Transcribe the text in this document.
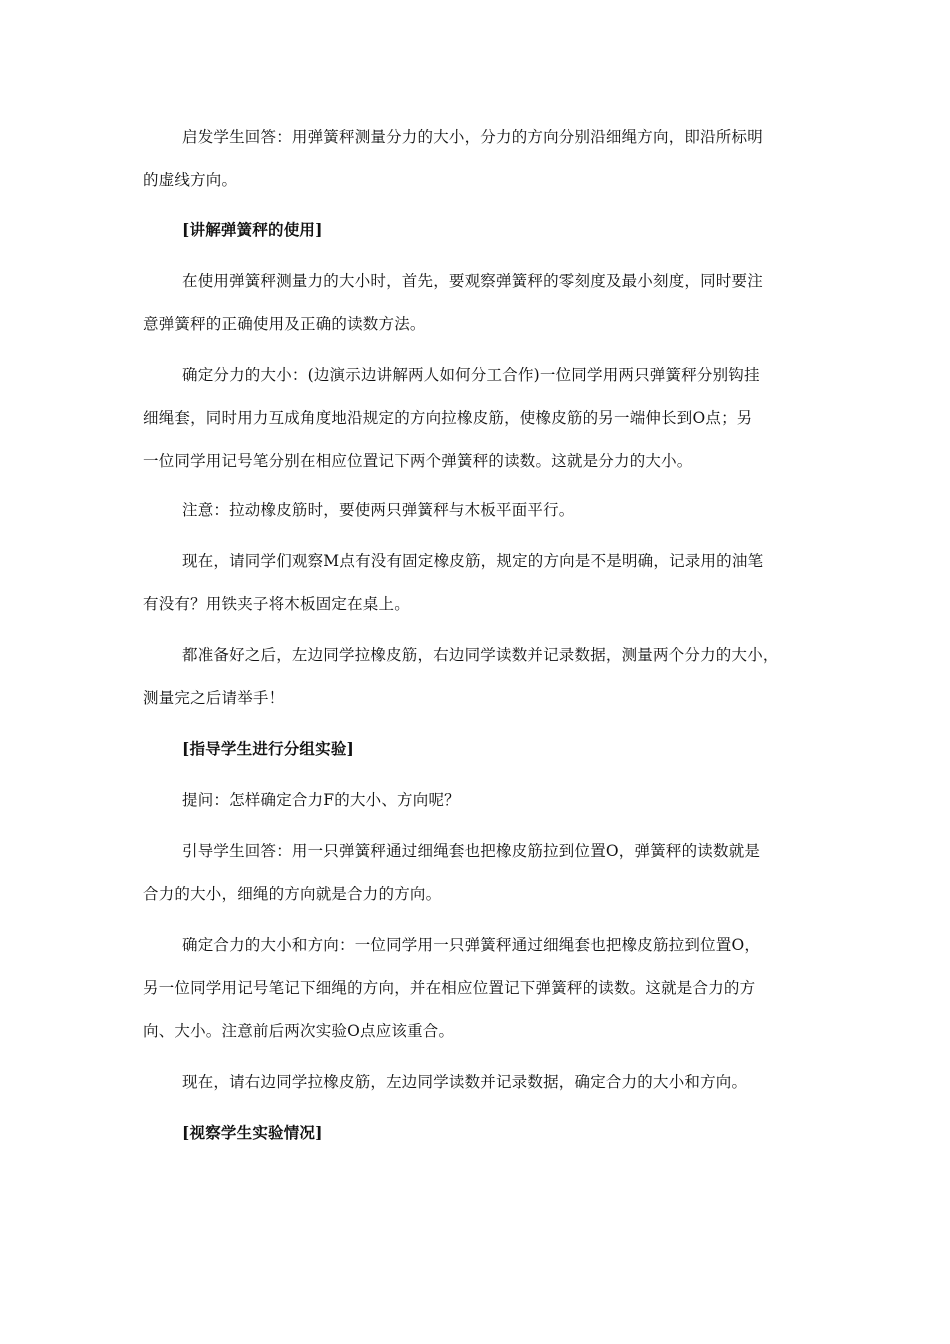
启发学生回答：用弹簧秤测量分力的大小，分力的方向分别沿细绳方向，即沿所标明
的虚线方向。
[讲解弹簧秤的使用]
在使用弹簧秤测量力的大小时，首先，要观察弹簧秤的零刻度及最小刻度，同时要注
意弹簧秤的正确使用及正确的读数方法。
确定分力的大小：(边演示边讲解两人如何分工合作)一位同学用两只弹簧秤分别钩挂
细绳套，同时用力互成角度地沿规定的方向拉橡皮筋，使橡皮筋的另一端伸长到O点；另
一位同学用记号笔分别在相应位置记下两个弹簧秤的读数。这就是分力的大小。
注意：拉动橡皮筋时，要使两只弹簧秤与木板平面平行。
现在，请同学们观察M点有没有固定橡皮筋，规定的方向是不是明确，记录用的油笔
有没有？用铁夹子将木板固定在桌上。
都准备好之后，左边同学拉橡皮筋，右边同学读数并记录数据，测量两个分力的大小，
测量完之后请举手！
[指导学生进行分组实验]
提问：怎样确定合力F的大小、方向呢？
引导学生回答：用一只弹簧秤通过细绳套也把橡皮筋拉到位置O，弹簧秤的读数就是
合力的大小，细绳的方向就是合力的方向。
确定合力的大小和方向：一位同学用一只弹簧秤通过细绳套也把橡皮筋拉到位置O，
另一位同学用记号笔记下细绳的方向，并在相应位置记下弹簧秤的读数。这就是合力的方
向、大小。注意前后两次实验O点应该重合。
现在，请右边同学拉橡皮筋，左边同学读数并记录数据，确定合力的大小和方向。
[视察学生实验情况]
